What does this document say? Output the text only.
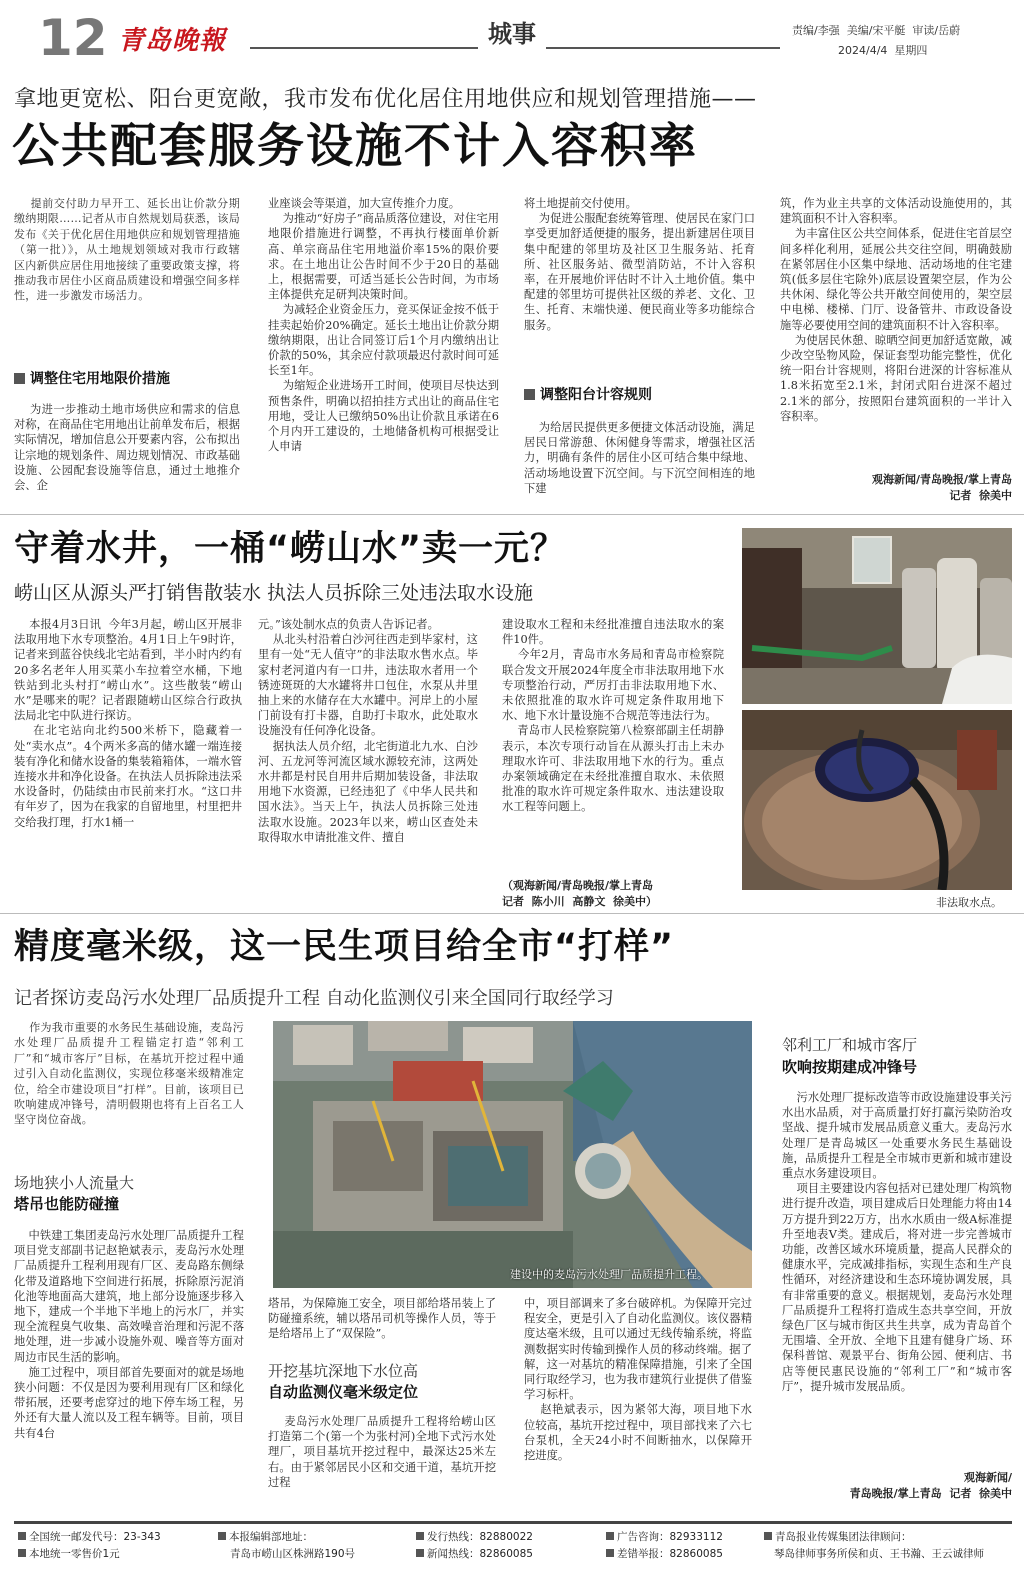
12 青岛晚報	城事	责编/李强  美编/宋平艇  审读/岳蔚
2024/4/4  星期四
拿地更宽松、阳台更宽敞，我市发布优化居住用地供应和规划管理措施——
公共配套服务设施不计入容积率
提前交付助力早开工、延长出让价款分期缴纳期限……记者从市自然规划局获悉，该局发布《关于优化居住用地供应和规划管理措施（第一批）》，从土地规划领域对我市行政辖区内新供应居住用地接续了重要政策支撑，将推动我市居住小区商品质建设和增强空间多样性，进一步激发市场活力。
调整住宅用地限价措施
为进一步推动土地市场供应和需求的信息对称，在商品住宅用地出让前单发布后，根据实际情况，增加信息公开要素内容，公布拟出让宗地的规划条件、周边规划情况、市政基础设施、公园配套设施等信息，通过土地推介会、企
业座谈会等渠道，加大宣传推介力度。
为推动“好房子”商品质落位建设，对住宅用地限价措施进行调整，不再执行楼面单价新高、单宗商品住宅用地溢价率15%的限价要求。在土地出让公告时间不少于20日的基础上，根据需要，可适当延长公告时间，为市场主体提供充足研判决策时间。
为减轻企业资金压力，竞买保证金按不低于挂卖起始价20%确定。延长土地出让价款分期缴纳期限，出让合同签订后1个月内缴纳出让价款的50%，其余应付款项最迟付款时间可延长至1年。
为缩短企业进场开工时间，使项目尽快达到预售条件，明确以招拍挂方式出让的商品住宅用地，受让人已缴纳50%出让价款且承诺在6个月内开工建设的，土地储备机构可根据受让人申请
将土地提前交付使用。
为促进公服配套统筹管理、使居民在家门口享受更加舒适便捷的服务，提出新建居住项目集中配建的邻里坊及社区卫生服务站、托育所、社区服务站、微型消防站，不计入容积率，在开展地价评估时不计入土地价值。集中配建的邻里坊可提供社区级的养老、文化、卫生、托育、末端快递、便民商业等多功能综合服务。
调整阳台计容规则
为给居民提供更多便捷文体活动设施，满足居民日常游憩、休闲健身等需求，增强社区活力，明确有条件的居住小区可结合集中绿地、活动场地设置下沉空间。与下沉空间相连的地下建
筑，作为业主共享的文体活动设施使用的，其建筑面积不计入容积率。
为丰富住区公共空间体系，促进住宅首层空间多样化利用，延展公共交往空间，明确鼓励在紧邻居住小区集中绿地、活动场地的住宅建筑(低多层住宅除外)底层设置架空层，作为公共休闲、绿化等公共开敞空间使用的，架空层中电梯、楼梯、门厅、设备管井、市政设备设施等必要使用空间的建筑面积不计入容积率。
为使居民休憩、晾晒空间更加舒适宽敞，减少改空坠物风险，保证套型功能完整性，优化统一阳台计容规则，将阳台进深的计容标准从1.8米拓宽至2.1米，封闭式阳台进深不超过2.1米的部分，按照阳台建筑面积的一半计入容积率。
观海新闻/青岛晚报/掌上青岛
记者  徐美中
守着水井，一桶“崂山水”卖一元？
崂山区从源头严打销售散装水 执法人员拆除三处违法取水设施
本报4月3日讯  今年3月起，崂山区开展非法取用地下水专项整治。4月1日上午9时许，记者来到蓝谷快线北宅站看到，半小时内约有20多名老年人用买菜小车拉着空水桶，下地铁站到北头村打“崂山水”。这些散装“崂山水”是哪来的呢？记者跟随崂山区综合行政执法局北宅中队进行探访。
在北宅站向北约500米桥下，隐藏着一处“卖水点”。4个两米多高的储水罐一端连接装有净化和储水设备的集装箱箱体，一端水管连接水井和净化设备。在执法人员拆除违法采水设备时，仍陆续由市民前来打水。“这口井有年岁了，因为在我家的自留地里，村里把井交给我打理，打水1桶一
元。”该处制水点的负责人告诉记者。
从北头村沿着白沙河往西走到毕家村，这里有一处“无人值守”的非法取水售水点。毕家村老河道内有一口井，违法取水者用一个锈迹斑斑的大水罐将井口包住，水泵从井里抽上来的水储存在大水罐中。河岸上的小屋门前设有打卡器，自助打卡取水，此处取水设施没有任何净化设备。
据执法人员介绍，北宅街道北九水、白沙河、五龙河等河流区域水源较充沛，这两处水井都是村民自用井后期加装设备，非法取用地下水资源，已经违犯了《中华人民共和国水法》。当天上午，执法人员拆除三处违法取水设施。2023年以来，崂山区查处未取得取水申请批准文件、擅自
建设取水工程和未经批准擅自违法取水的案件10件。
今年2月，青岛市水务局和青岛市检察院联合发文开展2024年度全市非法取用地下水专项整治行动，严厉打击非法取用地下水、未依照批准的取水许可规定条件取用地下水、地下水计量设施不合规范等违法行为。
青岛市人民检察院第八检察部副主任胡静表示，本次专项行动旨在从源头打击上未办理取水许可、非法取用地下水的行为。重点办案领域确定在未经批准擅自取水、未依照批准的取水许可规定条件取水、违法建设取水工程等问题上。
（观海新闻/青岛晚报/掌上青岛
记者  陈小川  高静文  徐美中）	非法取水点。
精度毫米级，这一民生项目给全市“打样”
记者探访麦岛污水处理厂品质提升工程 自动化监测仪引来全国同行取经学习
作为我市重要的水务民生基础设施，麦岛污水处理厂品质提升工程锚定打造“邻利工厂”和“城市客厅”目标，在基坑开挖过程中通过引入自动化监测仪，实现位移毫米级精准定位，给全市建设项目“打样”。目前，该项目已吹响建成冲锋号，清明假期也将有上百名工人坚守岗位奋战。
场地狭小人流量大
塔吊也能防碰撞
中铁建工集团麦岛污水处理厂品质提升工程项目党支部副书记赵艳斌表示，麦岛污水处理厂品质提升工程利用现有厂区、麦岛路东侧绿化带及道路地下空间进行拓展，拆除原污泥消化池等地面高大建筑，地上部分设施逐步移入地下，建成一个半地下半地上的污水厂，并实现全流程臭气收集、高效噪音治理和污泥不落地处理，进一步减小设施外观、噪音等方面对周边市民生活的影响。
施工过程中，项目部首先要面对的就是场地狭小问题：不仅是因为要利用现有厂区和绿化带拓展，还要考虑穿过的地下停车场工程，另外还有大量人流以及工程车辆等。目前，项目共有4台
建设中的麦岛污水处理厂品质提升工程。
塔吊，为保障施工安全，项目部给塔吊装上了防碰撞系统，辅以塔吊司机等操作人员，等于是给塔吊上了“双保险”。
开挖基坑深地下水位高
自动监测仪毫米级定位
麦岛污水处理厂品质提升工程将给崂山区打造第二个(第一个为张村河)全地下式污水处理厂，项目基坑开挖过程中，最深达25米左右。由于紧邻居民小区和交通干道，基坑开挖过程
中，项目部调来了多台破碎机。为保障开完过程安全，更是引入了自动化监测仪。该仪器精度达毫米级，且可以通过无线传输系统，将监测数据实时传输到操作人员的移动终端。据了解，这一对基坑的精准保障措施，引来了全国同行取经学习，也为我市建筑行业提供了借鉴学习标杆。
赵艳斌表示，因为紧邻大海，项目地下水位较高，基坑开挖过程中，项目部找来了六七台泵机，全天24小时不间断抽水，以保障开挖进度。
邻利工厂和城市客厅
吹响按期建成冲锋号
污水处理厂提标改造等市政设施建设事关污水出水品质，对于高质量打好打赢污染防治攻坚战、提升城市发展品质意义重大。麦岛污水处理厂是青岛城区一处重要水务民生基础设施，品质提升工程是全市城市更新和城市建设重点水务建设项目。
项目主要建设内容包括对已建处理厂构筑物进行提升改造，项目建成后日处理能力将由14万方提升到22万方，出水水质由一级A标准提升至地表V类。建成后，将对进一步完善城市功能，改善区域水环境质量，提高人民群众的健康水平，完成减排指标，实现生态和生产良性循环，对经济建设和生态环境协调发展，具有非常重要的意义。根据规划，麦岛污水处理厂品质提升工程将打造成生态共享空间，开放绿色厂区与城市街区共生共享，成为青岛首个无围墙、全开放、全地下且建有健身广场、环保科普馆、观景平台、街角公园、便利店、书店等便民惠民设施的“邻利工厂”和“城市客厅”，提升城市发展品质。
观海新闻/
青岛晚报/掌上青岛  记者  徐美中
全国统一邮发代号：23-343
本地统一零售价1元
本报编辑部地址：
青岛市崂山区株洲路190号
发行热线：82880022
新闻热线：82860085
广告咨询：82933112
差错举报：82860085
青岛报业传媒集团法律顾问：
琴岛律师事务所侯和贞、王书瀚、王云诚律师
